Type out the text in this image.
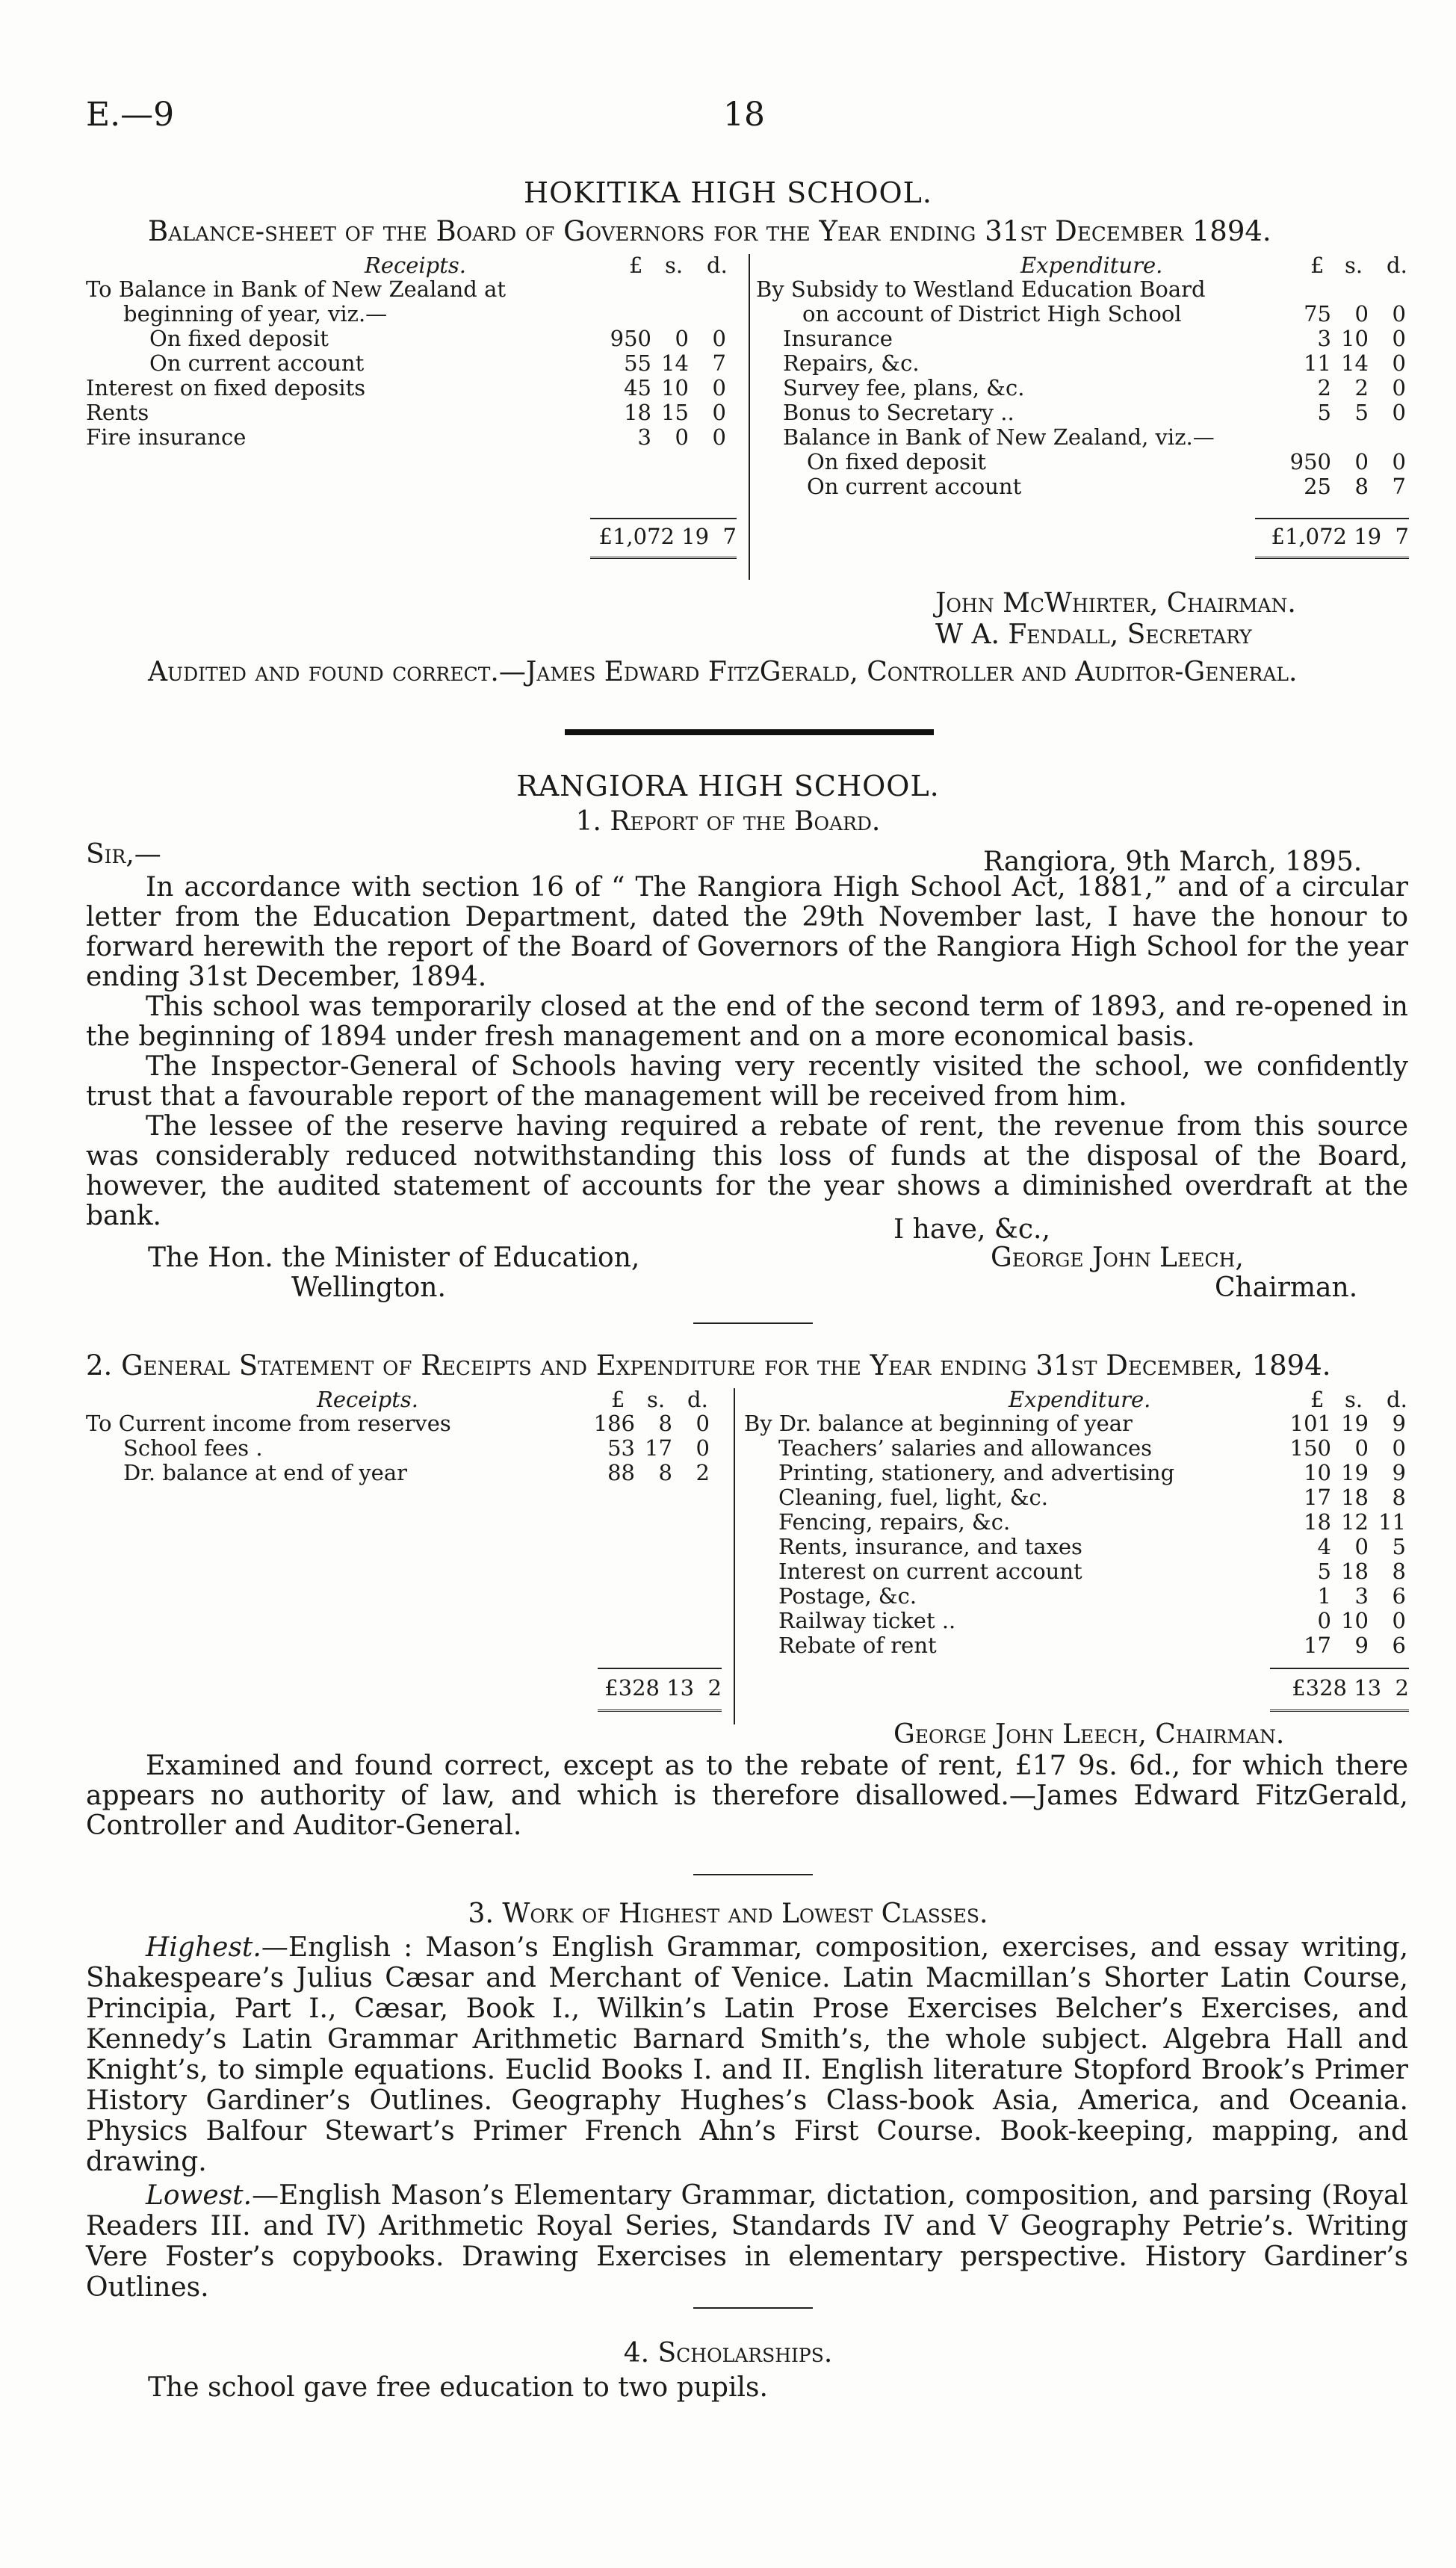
E.—9	18
HOKITIKA HIGH SCHOOL.
Balance-sheet of the Board of Governors for the Year ending 31st December 1894.
Receipts.	£ s. d.	Expenditure.	£ s. d.
To Balance in Bank of New Zealand at
beginning of year, viz.—
On fixed deposit	950	0	0
On current account	55 14	7
Interest on fixed deposits	45 10	0
Rents	18 15	0
Fire insurance	3	0	0
By Subsidy to Westland Education Board
on account of District High School	75	0	0
Insurance	3 10	0
Repairs, &c.	11 14	0
Survey fee, plans, &c.	2	2	0
Bonus to Secretary ..	5	5	0
Balance in Bank of New Zealand, viz.—
On fixed deposit	950	0	0
On current account	25	8	7
£1,072 19  7	£1,072 19  7
John McWhirter, Chairman.
W A. Fendall, Secretary
Audited and found correct.—James Edward FitzGerald, Controller and Auditor-General.
RANGIORA HIGH SCHOOL.
1. Report of the Board.
Sir,—	Rangiora, 9th March, 1895.

In accordance with section 16 of “ The Rangiora High School Act, 1881,” and of a circular letter from the Education Department, dated the 29th November last, I have the honour to forward herewith the report of the Board of Governors of the Rangiora High School for the year ending 31st December, 1894.

This school was temporarily closed at the end of the second term of 1893, and re-opened in the beginning of 1894 under fresh management and on a more economical basis.

The Inspector-General of Schools having very recently visited the school, we confidently trust that a favourable report of the management will be received from him.

The lessee of the reserve having required a rebate of rent, the revenue from this source was considerably reduced notwithstanding this loss of funds at the disposal of the Board, however, the audited statement of accounts for the year shows a diminished overdraft at the bank.	I have, &c.,
The Hon. the Minister of Education,	George John Leech,
Wellington.	Chairman.
2. General Statement of Receipts and Expenditure for the Year ending 31st December, 1894.
Receipts.	£ s. d.	Expenditure.	£ s. d.
To Current income from reserves	186	8	0
School fees .	53 17	0
Dr. balance at end of year	88	8	2
By Dr. balance at beginning of year	101 19	9
Teachers’ salaries and allowances	150	0	0
Printing, stationery, and advertising	10 19	9
Cleaning, fuel, light, &c.	17 18	8
Fencing, repairs, &c.	18 12 11
Rents, insurance, and taxes	4	0	5
Interest on current account	5 18	8
Postage, &c.	1	3	6
Railway ticket ..	0 10	0
Rebate of rent	17	9	6
£328 13  2	£328 13  2
George John Leech, Chairman.
Examined and found correct, except as to the rebate of rent, £17 9s. 6d., for which there appears no authority of law, and which is therefore disallowed.—James Edward FitzGerald, Controller and Auditor-General.
3. Work of Highest and Lowest Classes.
Highest.—English : Mason’s English Grammar, composition, exercises, and essay writing, Shakespeare’s Julius Cæsar and Merchant of Venice. Latin Macmillan’s Shorter Latin Course, Principia, Part I., Cæsar, Book I., Wilkin’s Latin Prose Exercises Belcher’s Exercises, and Kennedy’s Latin Grammar Arithmetic Barnard Smith’s, the whole subject. Algebra Hall and Knight’s, to simple equations. Euclid Books I. and II. English literature Stopford Brook’s Primer History Gardiner’s Outlines. Geography Hughes’s Class-book Asia, America, and Oceania. Physics Balfour Stewart’s Primer French Ahn’s First Course. Book-keeping, mapping, and drawing.
Lowest.—English Mason’s Elementary Grammar, dictation, composition, and parsing (Royal Readers III. and IV) Arithmetic Royal Series, Standards IV and V Geography Petrie’s. Writing Vere Foster’s copybooks. Drawing Exercises in elementary perspective. History Gardiner’s Outlines.
4. Scholarships.
The school gave free education to two pupils.
